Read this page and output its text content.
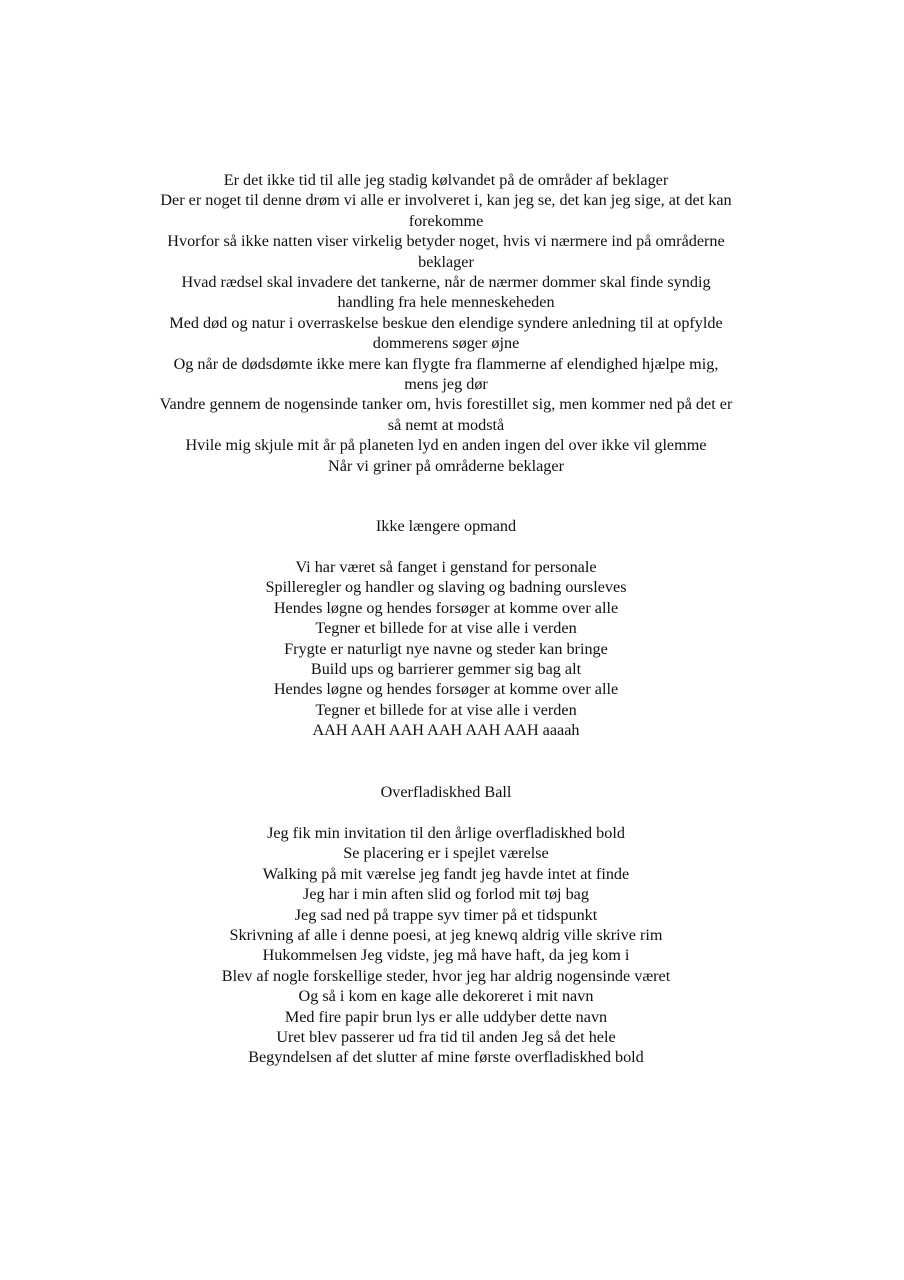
Er det ikke tid til alle jeg stadig kølvandet på de områder af beklager
Der er noget til denne drøm vi alle er involveret i, kan jeg se, det kan jeg sige, at det kan
forekomme
Hvorfor så ikke natten viser virkelig betyder noget, hvis vi nærmere ind på områderne
beklager
Hvad rædsel skal invadere det tankerne, når de nærmer dommer skal finde syndig
handling fra hele menneskeheden
Med død og natur i overraskelse beskue den elendige syndere anledning til at opfylde
dommerens søger øjne
Og når de dødsdømte ikke mere kan flygte fra flammerne af elendighed hjælpe mig,
mens jeg dør
Vandre gennem de nogensinde tanker om, hvis forestillet sig, men kommer ned på det er
så nemt at modstå
Hvile mig skjule mit år på planeten lyd en anden ingen del over ikke vil glemme
Når vi griner på områderne beklager
Ikke længere opmand
Vi har været så fanget i genstand for personale
Spilleregler og handler og slaving og badning oursleves
Hendes løgne og hendes forsøger at komme over alle
Tegner et billede for at vise alle i verden
Frygte er naturligt nye navne og steder kan bringe
Build ups og barrierer gemmer sig bag alt
Hendes løgne og hendes forsøger at komme over alle
Tegner et billede for at vise alle i verden
AAH AAH AAH AAH AAH AAH aaaah
Overfladiskhed Ball
Jeg fik min invitation til den årlige overfladiskhed bold
Se placering er i spejlet værelse
Walking på mit værelse jeg fandt jeg havde intet at finde
Jeg har i min aften slid og forlod mit tøj bag
Jeg sad ned på trappe syv timer på et tidspunkt
Skrivning af alle i denne poesi, at jeg knewq aldrig ville skrive rim
Hukommelsen Jeg vidste, jeg må have haft, da jeg kom i
Blev af nogle forskellige steder, hvor jeg har aldrig nogensinde været
Og så i kom en kage alle dekoreret i mit navn
Med fire papir brun lys er alle uddyber dette navn
Uret blev passerer ud fra tid til anden Jeg så det hele
Begyndelsen af det slutter af mine første overfladiskhed bold
